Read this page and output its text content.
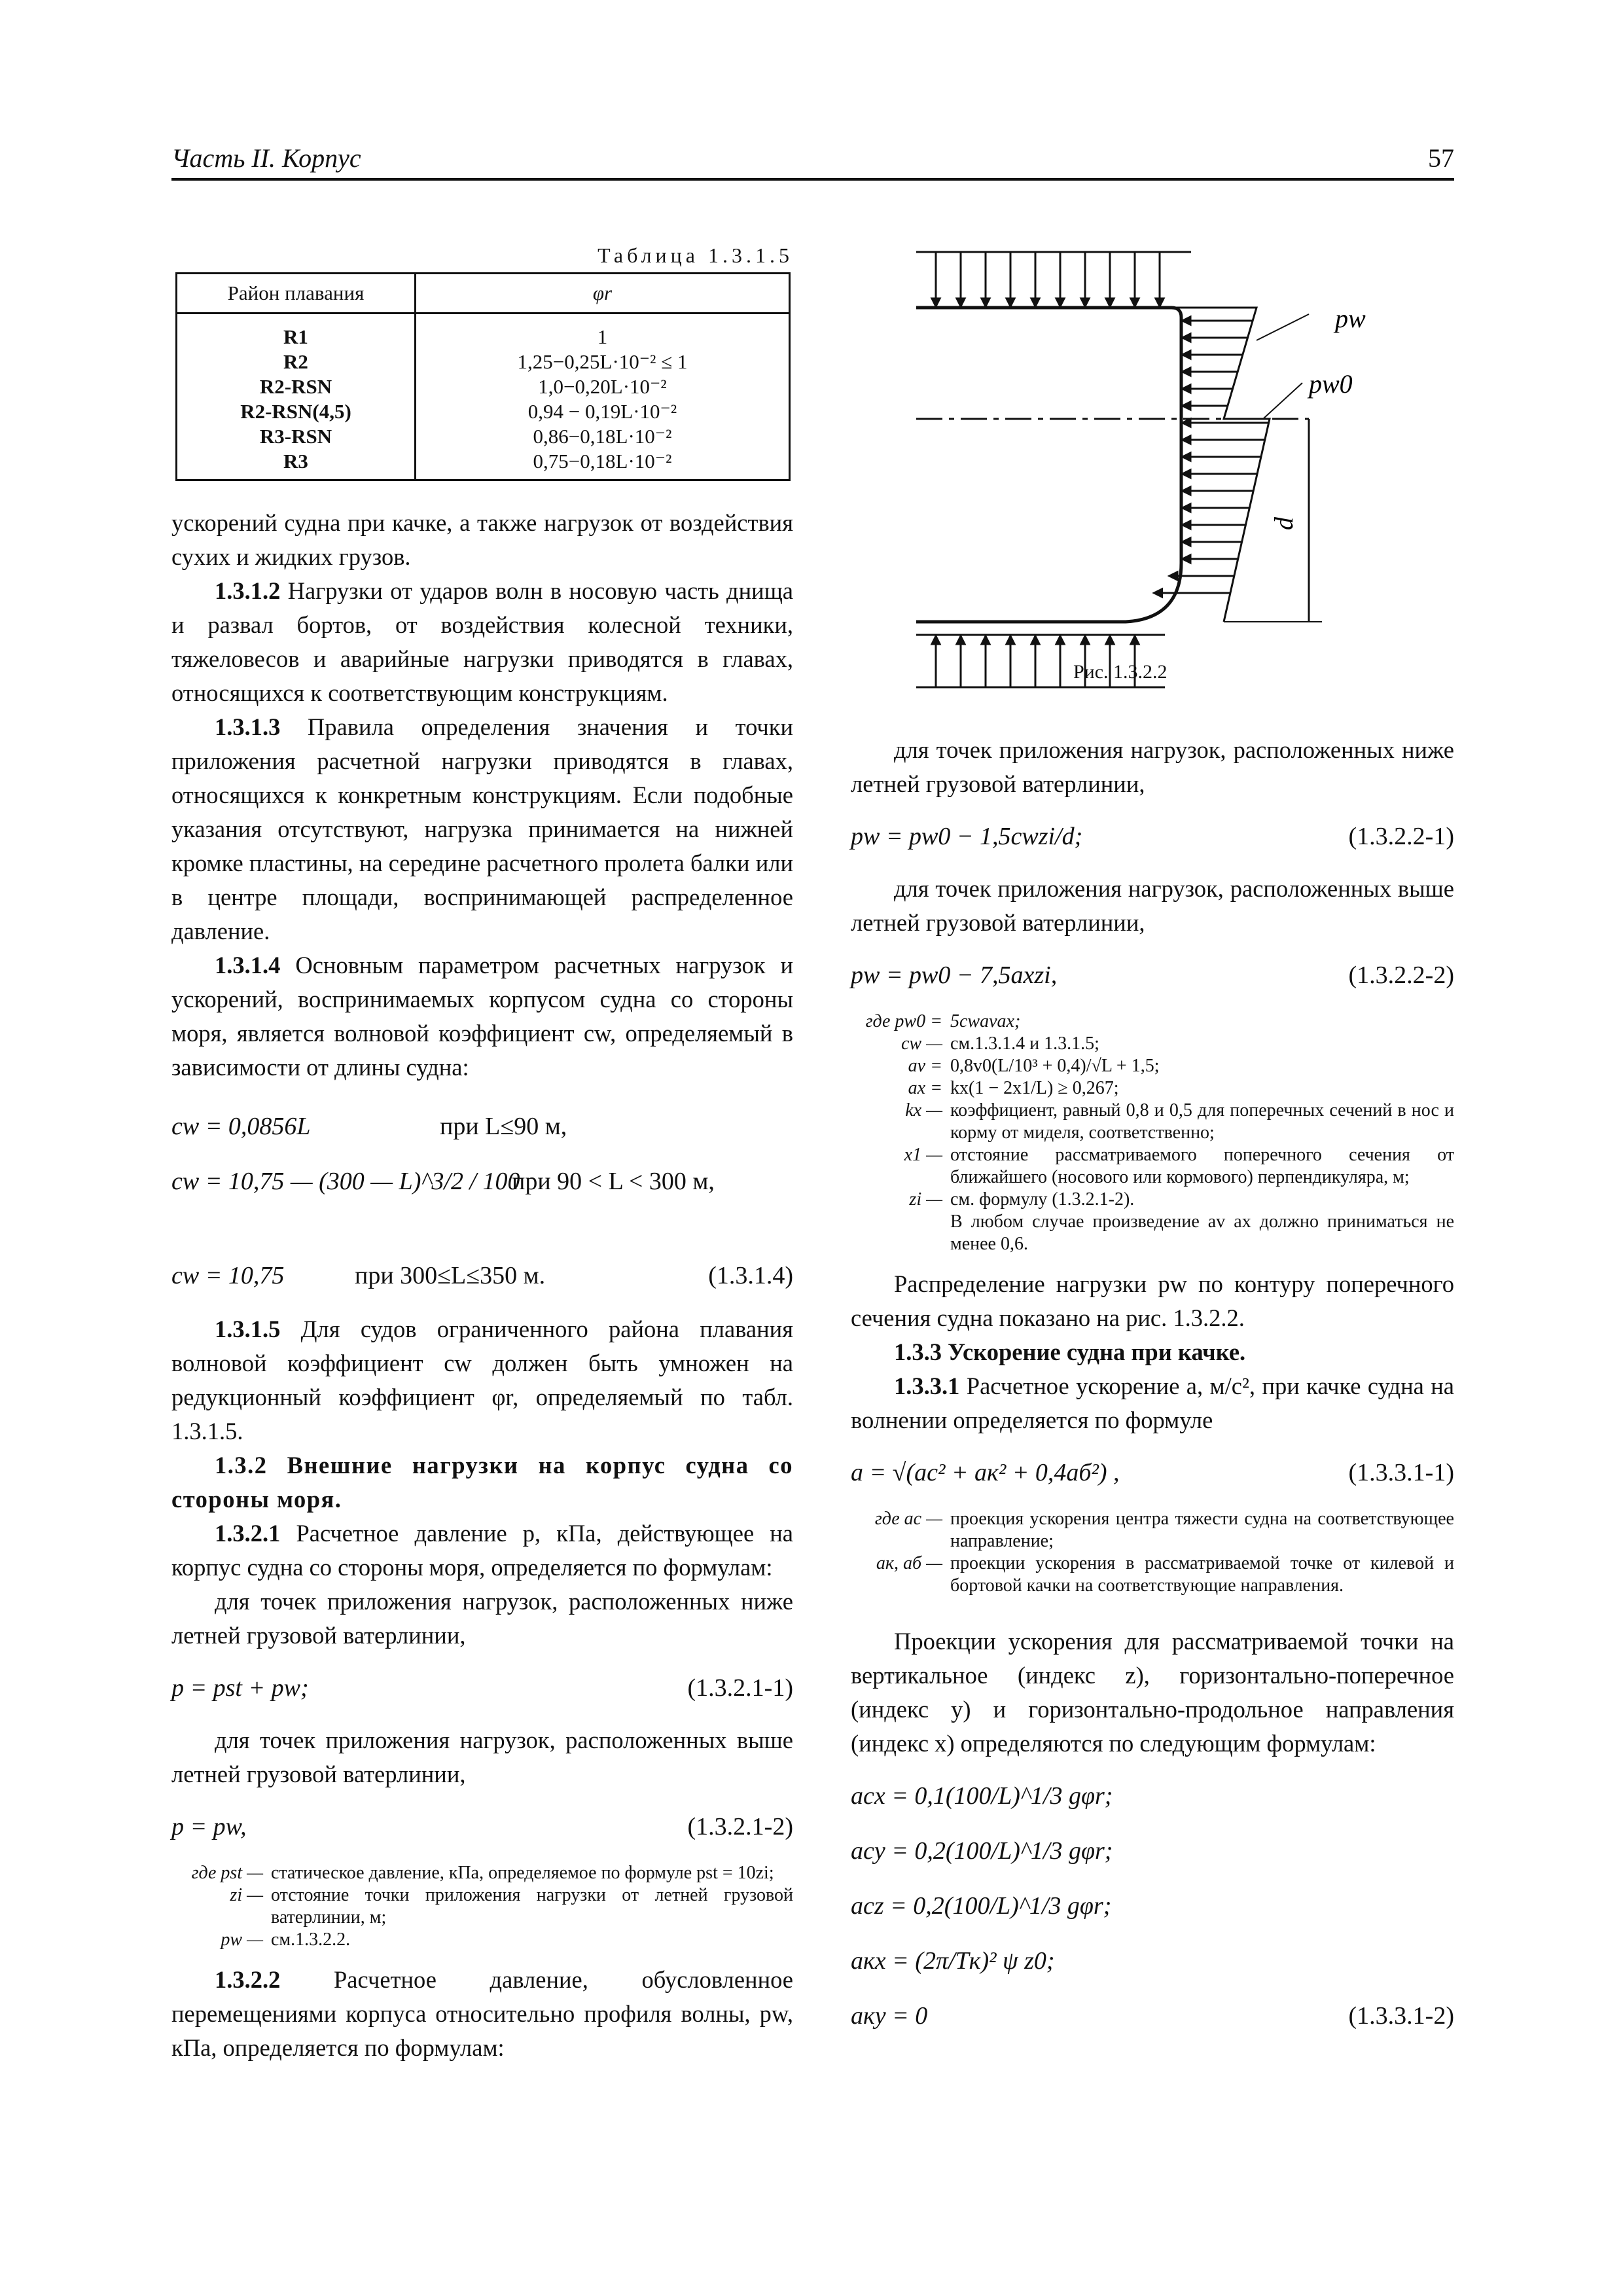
Часть II. Корпус	57
Таблица 1.3.1.5
Район плавания	φr
R1	1
R2	1,25−0,25L·10⁻² ≤ 1
R2-RSN	1,0−0,20L·10⁻²
R2-RSN(4,5)	0,94 − 0,19L·10⁻²
R3-RSN	0,86−0,18L·10⁻²
R3	0,75−0,18L·10⁻²

ускорений судна при качке, а также нагрузок от воздействия сухих и жидких грузов.

1.3.1.2 Нагрузки от ударов волн в носовую часть днища и развал бортов, от воздействия колесной техники, тяжеловесов и аварийные нагрузки приводятся в главах, относящихся к соответствующим конструкциям.

1.3.1.3 Правила определения значения и точки приложения расчетной нагрузки приводятся в главах, относящихся к конкретным конструкциям. Если подобные указания отсутствуют, нагрузка принимается на нижней кромке пластины, на середине расчетного пролета балки или в центре площади, воспринимающей распределенное давление.

1.3.1.4 Основным параметром расчетных нагрузок и ускорений, воспринимаемых корпусом судна со стороны моря, является волновой коэффициент cw, определяемый в зависимости от длины судна:

cw = 0,0856L	при L≤90 м,
cw = 10,75 — (300 — L)^3/2 / 100
при 90 < L < 300 м,
cw = 10,75	при 300≤L≤350 м.	(1.3.1.4)

1.3.1.5 Для судов ограниченного района плавания волновой коэффициент cw должен быть умножен на редукционный коэффициент φr, определяемый по табл. 1.3.1.5.

1.3.2 Внешние нагрузки на корпус судна со стороны моря.

1.3.2.1 Расчетное давление p, кПа, действующее на корпус судна со стороны моря, определяется по формулам:

для точек приложения нагрузок, расположенных ниже летней грузовой ватерлинии,

p = pst + pw;	(1.3.2.1-1)

для точек приложения нагрузок, расположенных выше летней грузовой ватерлинии,

p = pw,	(1.3.2.1-2)
где pst — статическое давление, кПа, определяемое по формуле pst = 10zi;
zi — отстояние точки приложения нагрузки от летней грузовой ватерлинии, м;
pw — см.1.3.2.2.

1.3.2.2 Расчетное давление, обусловленное перемещениями корпуса относительно профиля волны, pw, кПа, определяется по формулам:

d
pw
pw0
Рис. 1.3.2.2

для точек приложения нагрузок, расположенных ниже летней грузовой ватерлинии,

pw = pw0 − 1,5cwzi/d;	(1.3.2.2-1)

для точек приложения нагрузок, расположенных выше летней грузовой ватерлинии,

pw = pw0 − 7,5axzi,	(1.3.2.2-2)
где pw0 = 5cwavax;
cw — см.1.3.1.4 и 1.3.1.5;
av = 0,8v0(L/10³ + 0,4)/√L + 1,5;
ax = kx(1 − 2x1/L) ≥ 0,267;
kx — коэффициент, равный 0,8 и 0,5 для поперечных сечений в нос и корму от миделя, соответственно;
x1 — отстояние рассматриваемого поперечного сечения от ближайшего (носового или кормового) перпендикуляра, м;
zi — см. формулу (1.3.2.1-2).
В любом случае произведение av ax должно приниматься не менее 0,6.

Распределение нагрузки pw по контуру поперечного сечения судна показано на рис. 1.3.2.2.

1.3.3 Ускорение судна при качке.

1.3.3.1 Расчетное ускорение a, м/с², при качке судна на волнении определяется по формуле

a = √(ac² + aк² + 0,4aб²) ,	(1.3.3.1-1)
где ac — проекция ускорения центра тяжести судна на соответствующее направление;
aк, aб — проекции ускорения в рассматриваемой точке от килевой и бортовой качки на соответствующие направления.

Проекции ускорения для рассматриваемой точки на вертикальное (индекс z), горизонтально-поперечное (индекс y) и горизонтально-продольное направления (индекс x) определяются по следующим формулам:

acx = 0,1(100/L)^1/3 gφr;
acy = 0,2(100/L)^1/3 gφr;
acz = 0,2(100/L)^1/3 gφr;
aкx = (2π/Tк)² ψ z0;
aкy = 0	(1.3.3.1-2)
